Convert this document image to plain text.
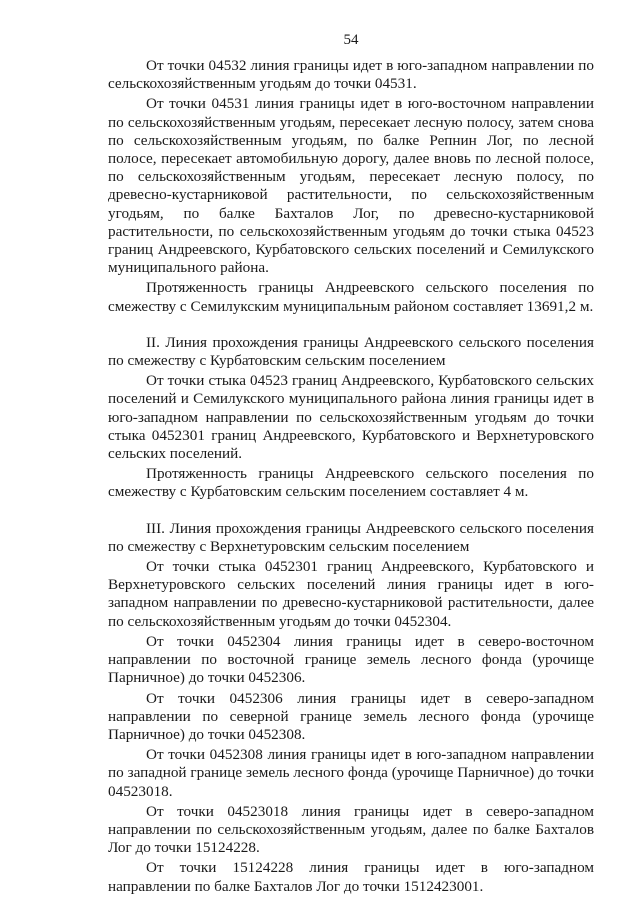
54

От точки 04532 линия границы идет в юго-западном направлении по сельскохозяйственным угодьям до точки 04531.

От точки 04531 линия границы идет в юго-восточном направлении по сельскохозяйственным угодьям, пересекает лесную полосу, затем снова по сельскохозяйственным угодьям, по балке Репнин Лог, по лесной полосе, пересекает автомобильную дорогу, далее вновь по лесной полосе, по сельскохозяйственным угодьям, пересекает лесную полосу, по древесно-кустарниковой растительности, по сельскохозяйственным угодьям, по балке Бахталов Лог, по древесно-кустарниковой растительности, по сельскохозяйственным угодьям до точки стыка 04523 границ Андреевского, Курбатовского сельских поселений и Семилукского муниципального района.

Протяженность границы Андреевского сельского поселения по смежеству с Семилукским муниципальным районом составляет 13691,2 м.

II. Линия прохождения границы Андреевского сельского поселения по смежеству с Курбатовским сельским поселением

От точки стыка 04523 границ Андреевского, Курбатовского сельских поселений и Семилукского муниципального района линия границы идет в юго-западном направлении по сельскохозяйственным угодьям до точки стыка 0452301 границ Андреевского, Курбатовского и Верхнетуровского сельских поселений.

Протяженность границы Андреевского сельского поселения по смежеству с Курбатовским сельским поселением составляет 4 м.

III. Линия прохождения границы Андреевского сельского поселения по смежеству с Верхнетуровским сельским поселением

От точки стыка 0452301 границ Андреевского, Курбатовского и Верхнетуровского сельских поселений линия границы идет в юго-западном направлении по древесно-кустарниковой растительности, далее по сельскохозяйственным угодьям до точки 0452304.

От точки 0452304 линия границы идет в северо-восточном направлении по восточной границе земель лесного фонда (урочище Парничное) до точки 0452306.

От точки 0452306 линия границы идет в северо-западном направлении по северной границе земель лесного фонда (урочище Парничное) до точки 0452308.

От точки 0452308 линия границы идет в юго-западном направлении по западной границе земель лесного фонда (урочище Парничное) до точки 04523018.

От точки 04523018 линия границы идет в северо-западном направлении по сельскохозяйственным угодьям, далее по балке Бахталов Лог до точки 15124228.

От точки 15124228 линия границы идет в юго-западном направлении по балке Бахталов Лог до точки 1512423001.
